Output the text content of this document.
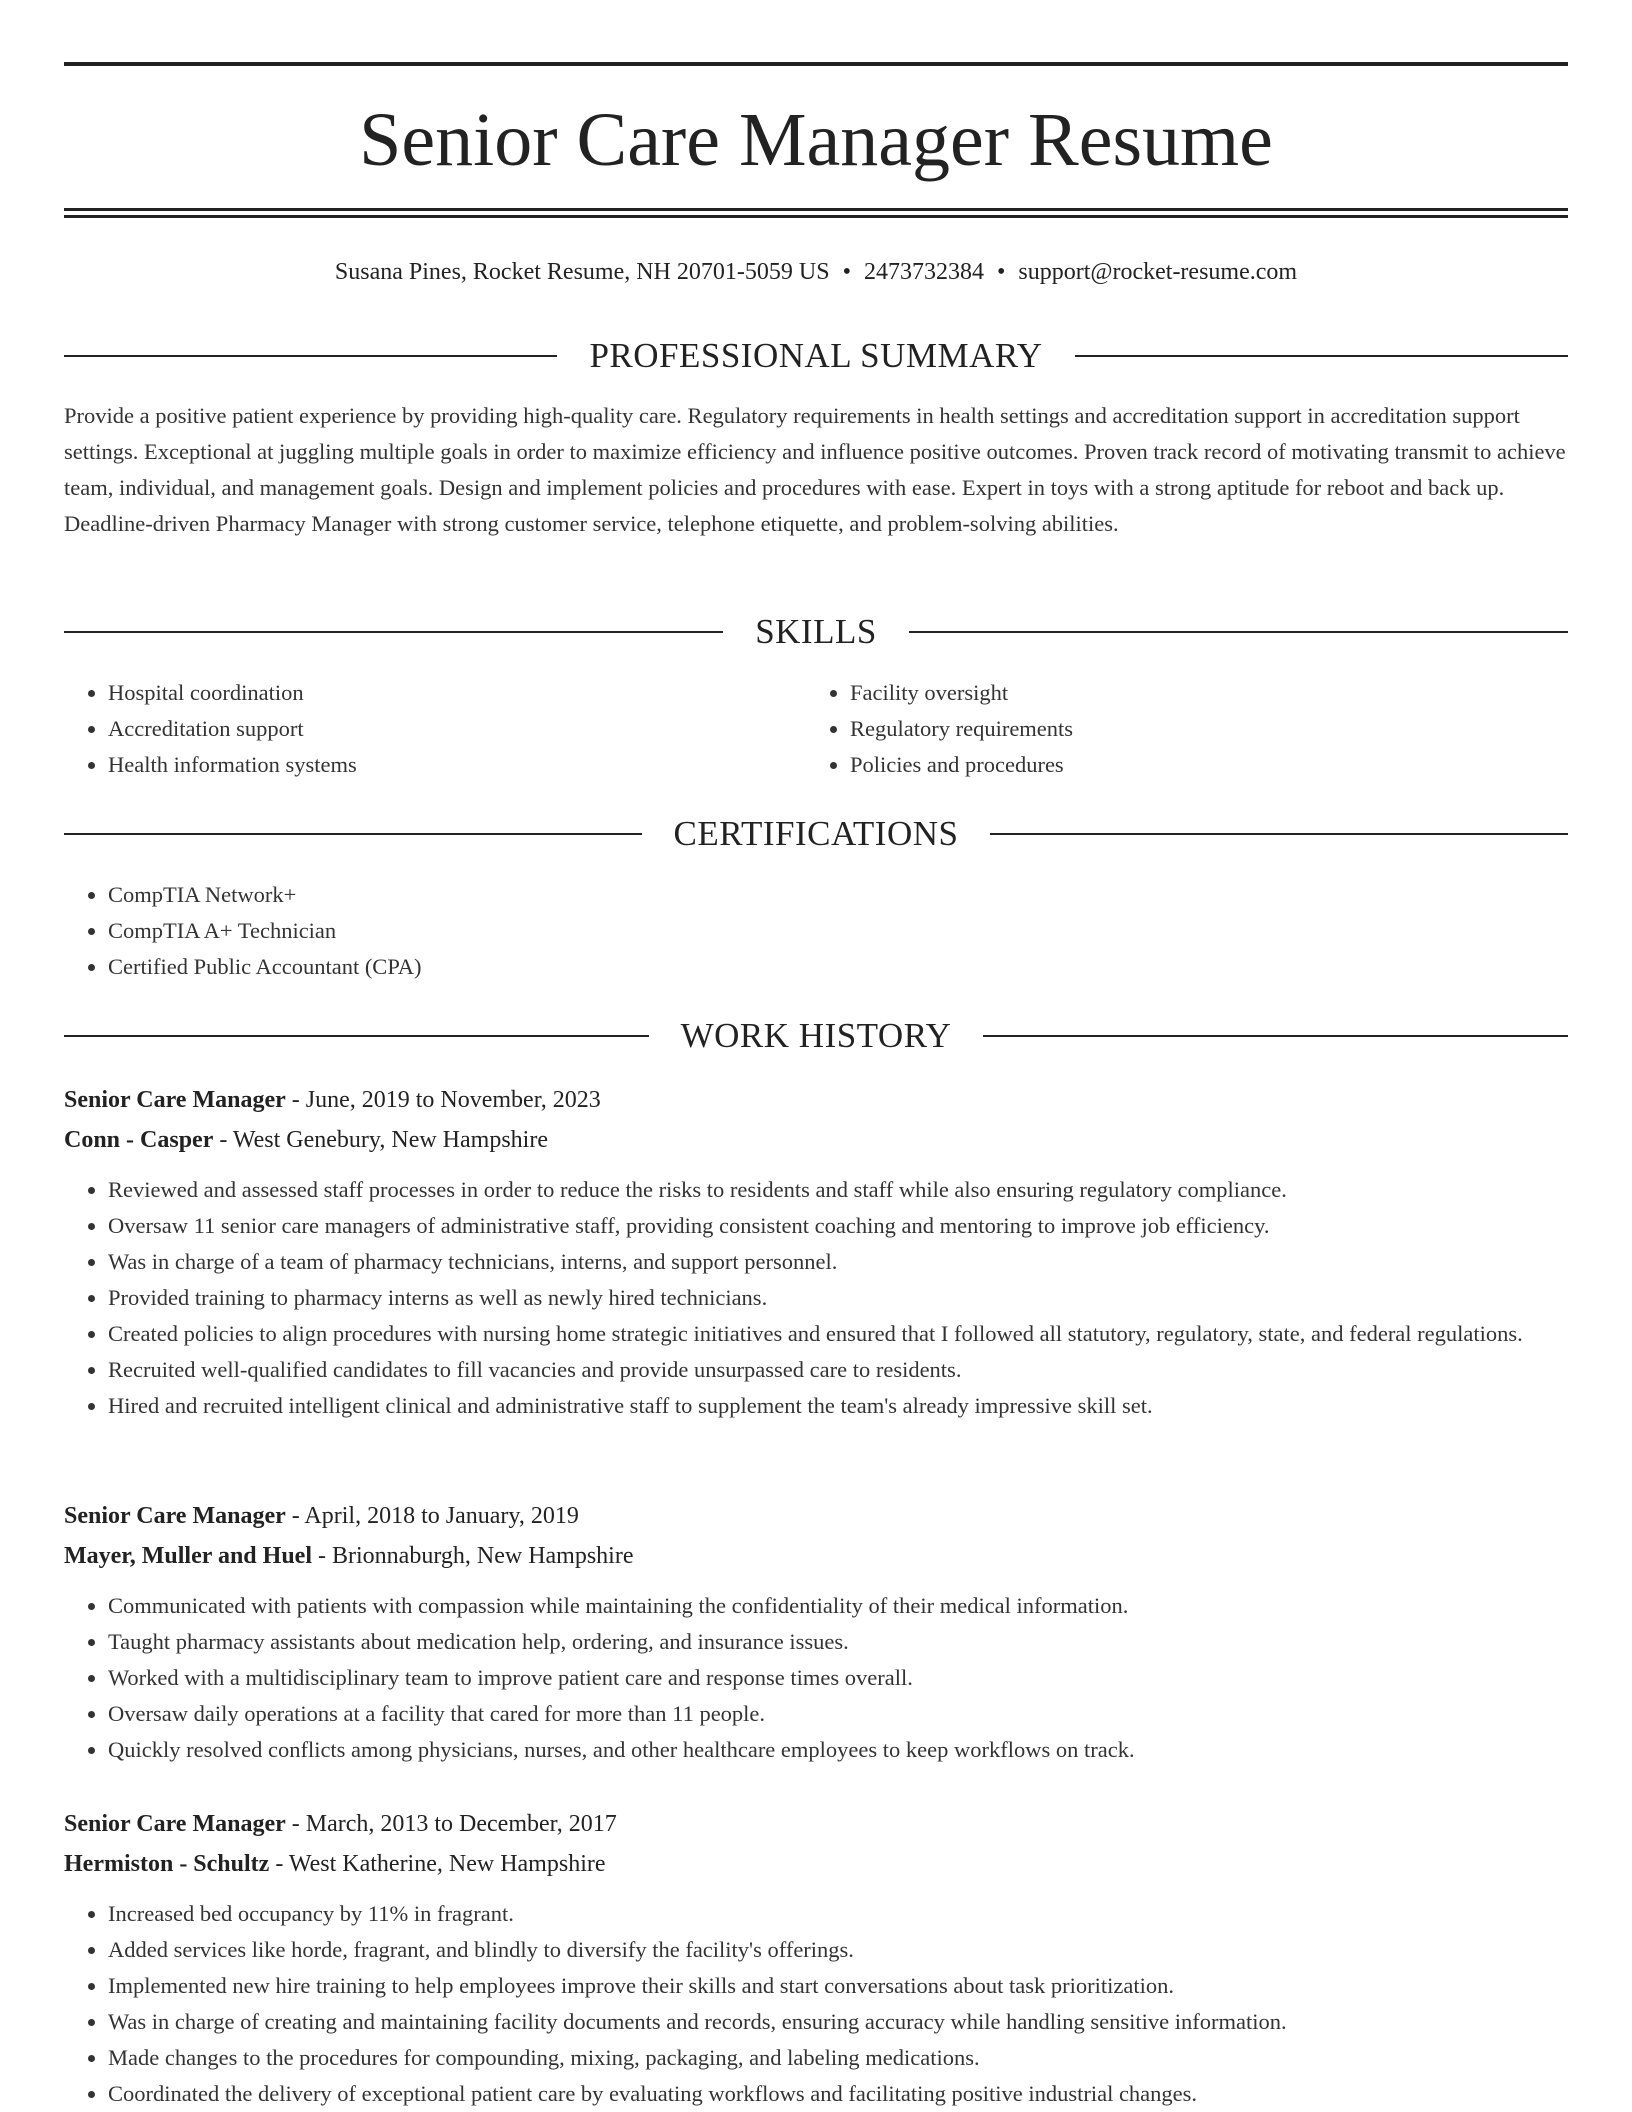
Senior Care Manager Resume
Susana Pines, Rocket Resume, NH 20701-5059 US • 2473732384 • support@rocket-resume.com
PROFESSIONAL SUMMARY

Provide a positive patient experience by providing high-quality care. Regulatory requirements in health settings and accreditation support in accreditation support settings. Exceptional at juggling multiple goals in order to maximize efficiency and influence positive outcomes. Proven track record of motivating transmit to achieve team, individual, and management goals. Design and implement policies and procedures with ease. Expert in toys with a strong aptitude for reboot and back up. Deadline-driven Pharmacy Manager with strong customer service, telephone etiquette, and problem-solving abilities.

SKILLS
• Hospital coordination
• Accreditation support
• Health information systems
• Facility oversight
• Regulatory requirements
• Policies and procedures
CERTIFICATIONS
• CompTIA Network+
• CompTIA A+ Technician
• Certified Public Accountant (CPA)
WORK HISTORY
Senior Care Manager - June, 2019 to November, 2023
Conn - Casper - West Genebury, New Hampshire
• Reviewed and assessed staff processes in order to reduce the risks to residents and staff while also ensuring regulatory compliance.
• Oversaw 11 senior care managers of administrative staff, providing consistent coaching and mentoring to improve job efficiency.
• Was in charge of a team of pharmacy technicians, interns, and support personnel.
• Provided training to pharmacy interns as well as newly hired technicians.
• Created policies to align procedures with nursing home strategic initiatives and ensured that I followed all statutory, regulatory, state, and federal regulations.
• Recruited well-qualified candidates to fill vacancies and provide unsurpassed care to residents.
• Hired and recruited intelligent clinical and administrative staff to supplement the team's already impressive skill set.
Senior Care Manager - April, 2018 to January, 2019
Mayer, Muller and Huel - Brionnaburgh, New Hampshire
• Communicated with patients with compassion while maintaining the confidentiality of their medical information.
• Taught pharmacy assistants about medication help, ordering, and insurance issues.
• Worked with a multidisciplinary team to improve patient care and response times overall.
• Oversaw daily operations at a facility that cared for more than 11 people.
• Quickly resolved conflicts among physicians, nurses, and other healthcare employees to keep workflows on track.
Senior Care Manager - March, 2013 to December, 2017
Hermiston - Schultz - West Katherine, New Hampshire
• Increased bed occupancy by 11% in fragrant.
• Added services like horde, fragrant, and blindly to diversify the facility's offerings.
• Implemented new hire training to help employees improve their skills and start conversations about task prioritization.
• Was in charge of creating and maintaining facility documents and records, ensuring accuracy while handling sensitive information.
• Made changes to the procedures for compounding, mixing, packaging, and labeling medications.
• Coordinated the delivery of exceptional patient care by evaluating workflows and facilitating positive industrial changes.
